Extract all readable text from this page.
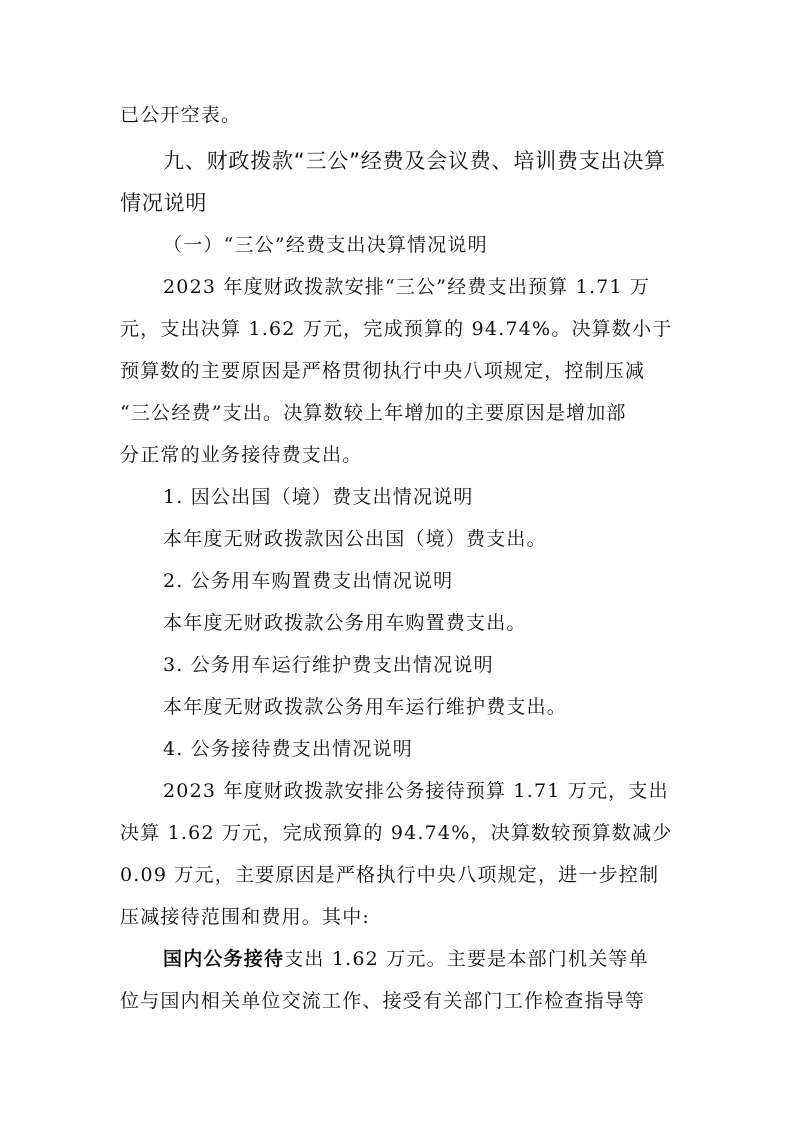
已公开空表。
九、财政拨款“三公”经费及会议费、培训费支出决算
情况说明
（一）“三公”经费支出决算情况说明
2023 年度财政拨款安排“三公”经费支出预算 1.71 万
元，支出决算 1.62 万元，完成预算的 94.74%。决算数小于
预算数的主要原因是严格贯彻执行中央八项规定，控制压减
“三公经费”支出。决算数较上年增加的主要原因是增加部
分正常的业务接待费支出。
1. 因公出国（境）费支出情况说明
本年度无财政拨款因公出国（境）费支出。
2. 公务用车购置费支出情况说明
本年度无财政拨款公务用车购置费支出。
3. 公务用车运行维护费支出情况说明
本年度无财政拨款公务用车运行维护费支出。
4. 公务接待费支出情况说明
2023 年度财政拨款安排公务接待预算 1.71 万元，支出
决算 1.62 万元，完成预算的 94.74%，决算数较预算数减少
0.09 万元，主要原因是严格执行中央八项规定，进一步控制
压减接待范围和费用。其中:
国内公务接待支出 1.62 万元。主要是本部门机关等单
位与国内相关单位交流工作、接受有关部门工作检查指导等
